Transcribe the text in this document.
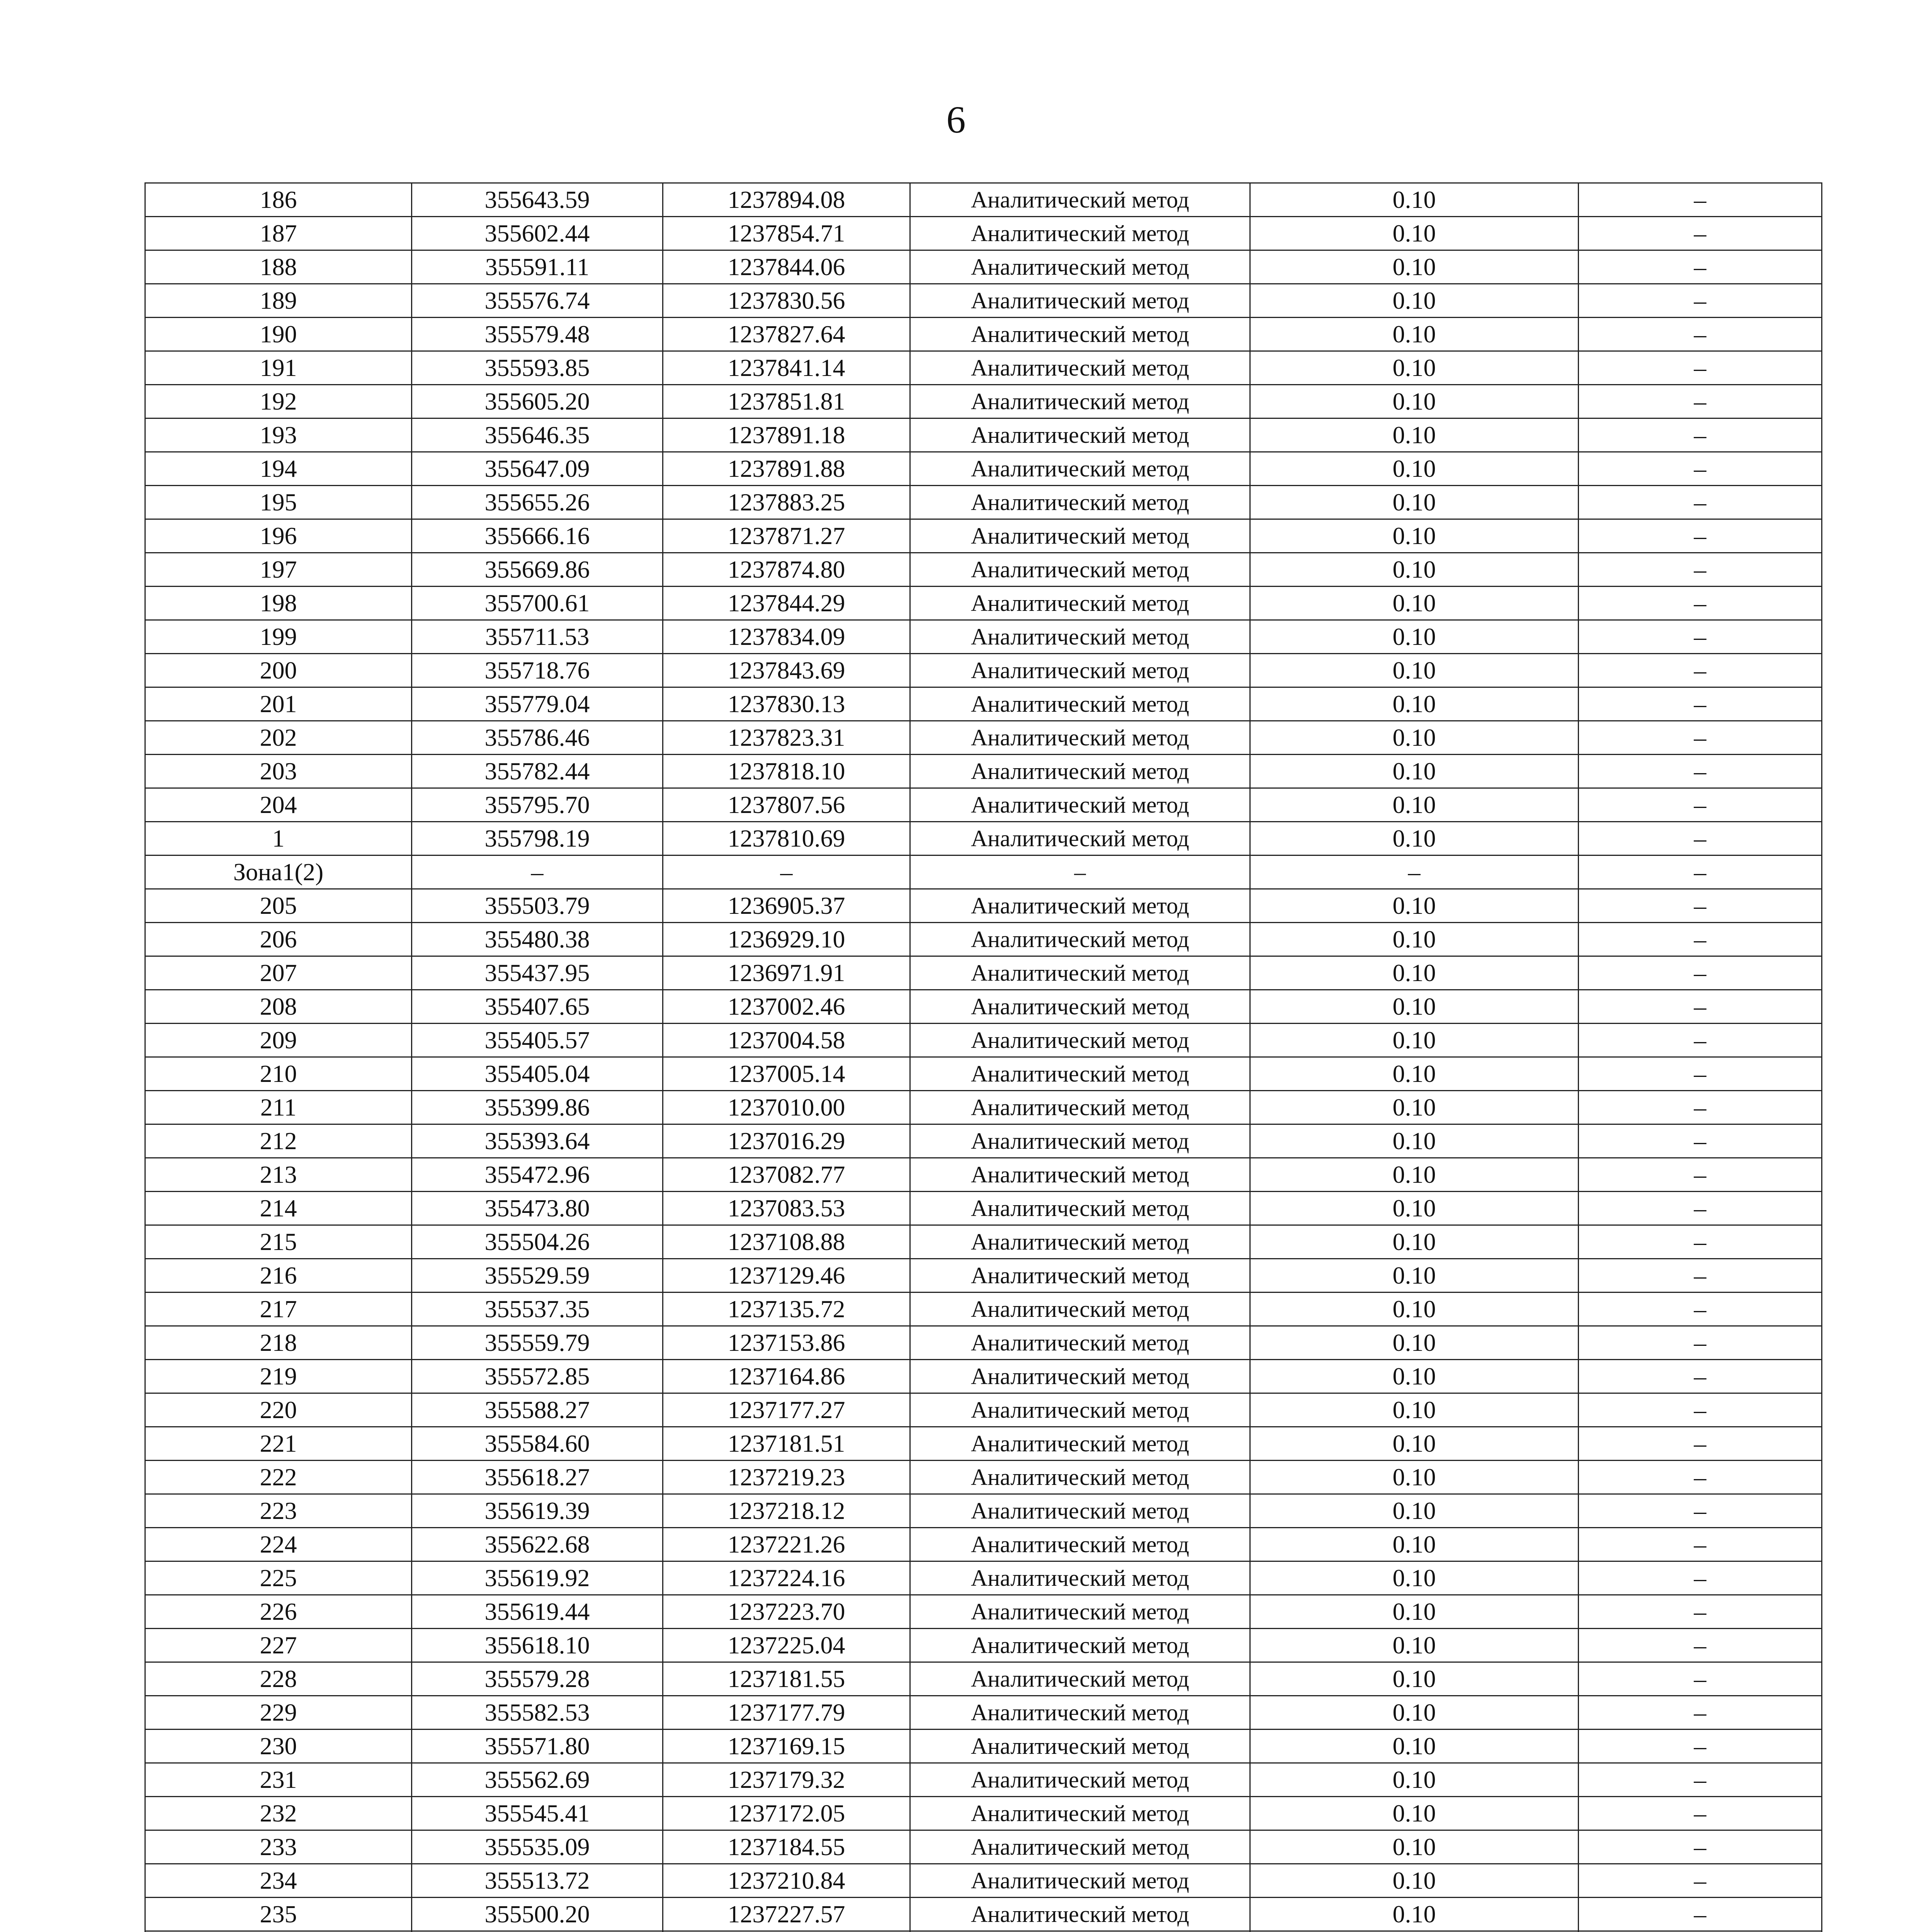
6
186	355643.59	1237894.08	Аналитический метод	0.10	–
187	355602.44	1237854.71	Аналитический метод	0.10	–
188	355591.11	1237844.06	Аналитический метод	0.10	–
189	355576.74	1237830.56	Аналитический метод	0.10	–
190	355579.48	1237827.64	Аналитический метод	0.10	–
191	355593.85	1237841.14	Аналитический метод	0.10	–
192	355605.20	1237851.81	Аналитический метод	0.10	–
193	355646.35	1237891.18	Аналитический метод	0.10	–
194	355647.09	1237891.88	Аналитический метод	0.10	–
195	355655.26	1237883.25	Аналитический метод	0.10	–
196	355666.16	1237871.27	Аналитический метод	0.10	–
197	355669.86	1237874.80	Аналитический метод	0.10	–
198	355700.61	1237844.29	Аналитический метод	0.10	–
199	355711.53	1237834.09	Аналитический метод	0.10	–
200	355718.76	1237843.69	Аналитический метод	0.10	–
201	355779.04	1237830.13	Аналитический метод	0.10	–
202	355786.46	1237823.31	Аналитический метод	0.10	–
203	355782.44	1237818.10	Аналитический метод	0.10	–
204	355795.70	1237807.56	Аналитический метод	0.10	–
1	355798.19	1237810.69	Аналитический метод	0.10	–
Зона1(2)	–	–	–	–	–
205	355503.79	1236905.37	Аналитический метод	0.10	–
206	355480.38	1236929.10	Аналитический метод	0.10	–
207	355437.95	1236971.91	Аналитический метод	0.10	–
208	355407.65	1237002.46	Аналитический метод	0.10	–
209	355405.57	1237004.58	Аналитический метод	0.10	–
210	355405.04	1237005.14	Аналитический метод	0.10	–
211	355399.86	1237010.00	Аналитический метод	0.10	–
212	355393.64	1237016.29	Аналитический метод	0.10	–
213	355472.96	1237082.77	Аналитический метод	0.10	–
214	355473.80	1237083.53	Аналитический метод	0.10	–
215	355504.26	1237108.88	Аналитический метод	0.10	–
216	355529.59	1237129.46	Аналитический метод	0.10	–
217	355537.35	1237135.72	Аналитический метод	0.10	–
218	355559.79	1237153.86	Аналитический метод	0.10	–
219	355572.85	1237164.86	Аналитический метод	0.10	–
220	355588.27	1237177.27	Аналитический метод	0.10	–
221	355584.60	1237181.51	Аналитический метод	0.10	–
222	355618.27	1237219.23	Аналитический метод	0.10	–
223	355619.39	1237218.12	Аналитический метод	0.10	–
224	355622.68	1237221.26	Аналитический метод	0.10	–
225	355619.92	1237224.16	Аналитический метод	0.10	–
226	355619.44	1237223.70	Аналитический метод	0.10	–
227	355618.10	1237225.04	Аналитический метод	0.10	–
228	355579.28	1237181.55	Аналитический метод	0.10	–
229	355582.53	1237177.79	Аналитический метод	0.10	–
230	355571.80	1237169.15	Аналитический метод	0.10	–
231	355562.69	1237179.32	Аналитический метод	0.10	–
232	355545.41	1237172.05	Аналитический метод	0.10	–
233	355535.09	1237184.55	Аналитический метод	0.10	–
234	355513.72	1237210.84	Аналитический метод	0.10	–
235	355500.20	1237227.57	Аналитический метод	0.10	–
